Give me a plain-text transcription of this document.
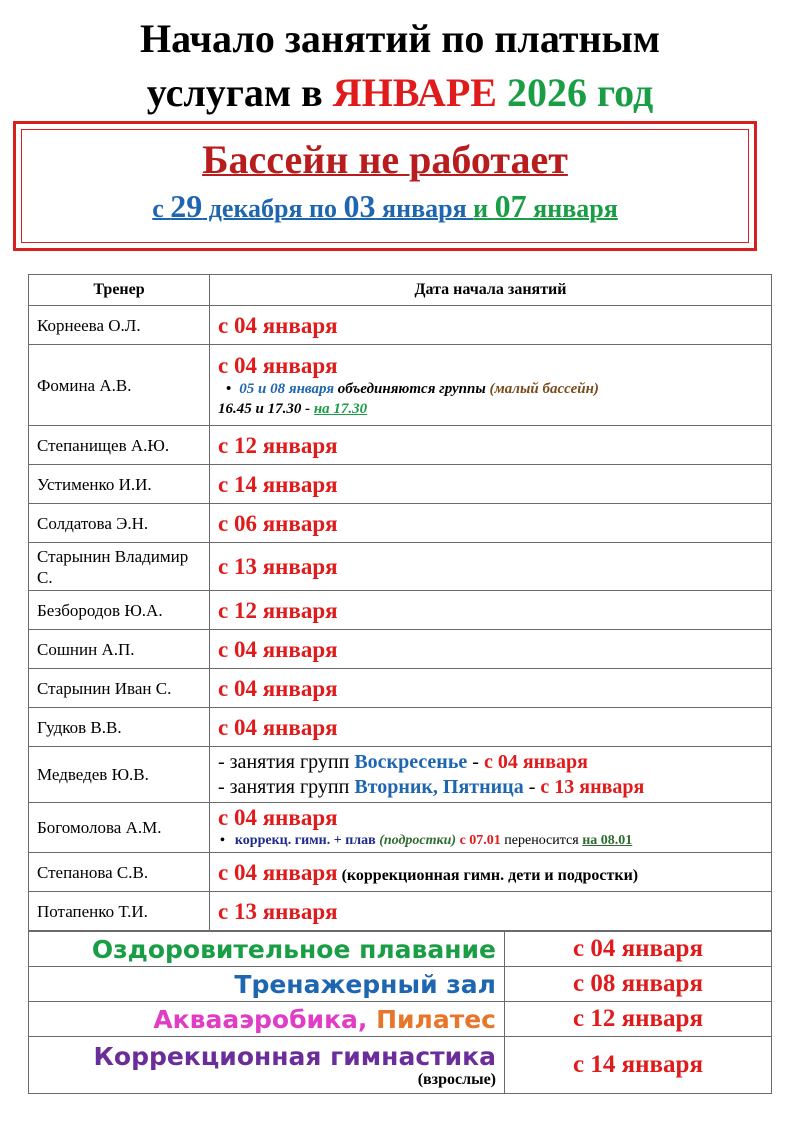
Начало занятий по платным
услугам в ЯНВАРЕ 2026 год
Бассейн не работает
с 29 декабря по 03 января и 07 января
Тренер	Дата начала занятий
Корнеева О.Л.	с 04 января
Фомина А.В.	с 04 января
• 05 и 08 января объединяются группы (малый бассейн)
16.45 и 17.30 - на 17.30

Степанищев А.Ю.	с 12 января
Устименко И.И.	с 14 января
Солдатова Э.Н.	с 06 января
Старынин Владимир С.	с 13 января
Безбородов Ю.А.	с 12 января
Сошнин А.П.	с 04 января
Старынин Иван С.	с 04 января
Гудков В.В.	с 04 января
Медведев Ю.В.	- занятия групп Воскресенье - с 04 января
- занятия групп Вторник, Пятница - с 13 января

Богомолова А.М.	с 04 января
• коррекц. гимн. + плав (подростки) с 07.01 переносится на 08.01

Степанова С.В.	с 04 января (коррекционная гимн. дети и подростки)
Потапенко Т.И.	с 13 января
Оздоровительное плавание	с 04 января
Тренажерный зал	с 08 января
Аквааэробика, Пилатес	с 12 января
Коррекционная гимнастика
(взрослые)	с 14 января
